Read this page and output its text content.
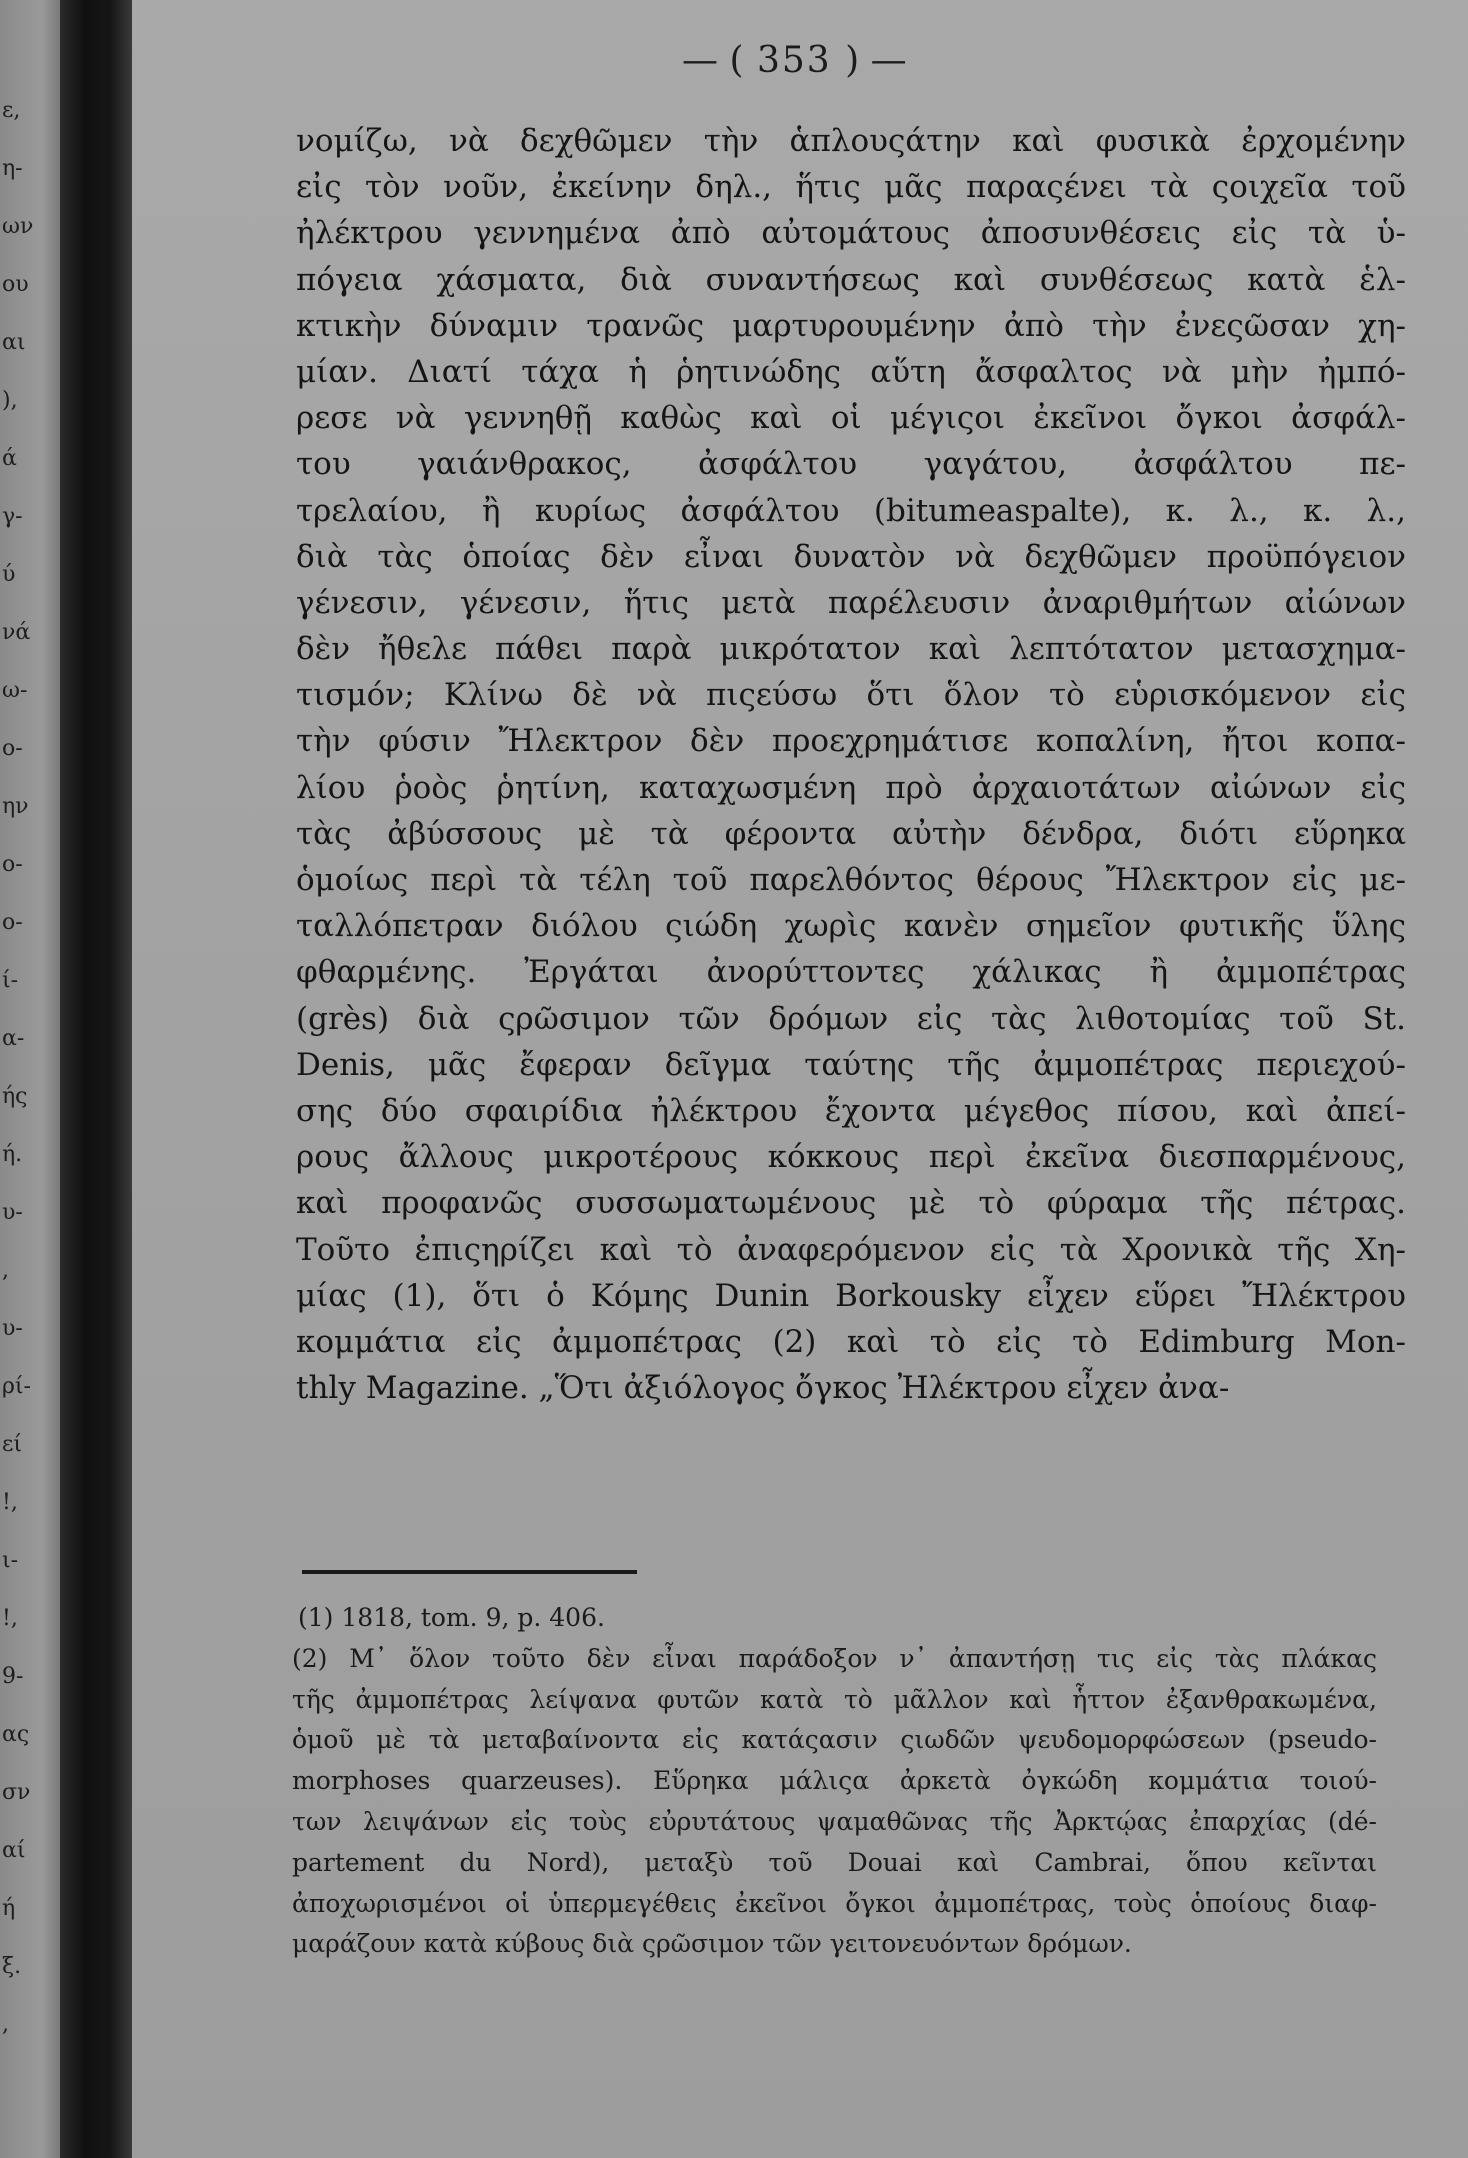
ε,
η-
ων
ου
αι
),
ά
γ-
ύ
νά
ω-
ο-
ην
ο-
ο-
ί-
α-
ής
ή.
υ-
,
υ-
ρί-
εί
!,
ι-
!,
9-
ας
σν
αί
ή
ξ.
,
— ( 353 ) —
νομίζω, νὰ δεχθῶμεν τὴν ἁπλουςάτην καὶ φυσικὰ ἐρχομένην
εἰς τὸν νοῦν, ἐκείνην δηλ., ἥτις μᾶς παραςένει τὰ ςοιχεῖα τοῦ
ἠλέκτρου γεννημένα ἀπὸ αὐτομάτους ἀποσυνθέσεις εἰς τὰ ὑ-
πόγεια χάσματα, διὰ συναντήσεως καὶ συνθέσεως κατὰ ἑλ-
κτικὴν δύναμιν τρανῶς μαρτυρουμένην ἀπὸ τὴν ἐνεςῶσαν χη-
μίαν. Διατί τάχα ἡ ῥητινώδης αὕτη ἄσφαλτος νὰ μὴν ἠμπό-
ρεσε νὰ γεννηθῇ καθὼς καὶ οἱ μέγιςοι ἐκεῖνοι ὄγκοι ἀσφάλ-
του γαιάνθρακος, ἀσφάλτου γαγάτου, ἀσφάλτου πε-
τρελαίου, ἢ κυρίως ἀσφάλτου (bitumeaspalte), κ. λ., κ. λ.,
διὰ τὰς ὁποίας δὲν εἶναι δυνατὸν νὰ δεχθῶμεν προϋπόγειον
γένεσιν, γένεσιν, ἥτις μετὰ παρέλευσιν ἀναριθμήτων αἰώνων
δὲν ἤθελε πάθει παρὰ μικρότατον καὶ λεπτότατον μετασχημα-
τισμόν; Κλίνω δὲ νὰ πιςεύσω ὅτι ὅλον τὸ εὑρισκόμενον εἰς
τὴν φύσιν Ἤλεκτρον δὲν προεχρημάτισε κοπαλίνη, ἤτοι κοπα-
λίου ῥοὸς ῥητίνη, καταχωσμένη πρὸ ἀρχαιοτάτων αἰώνων εἰς
τὰς ἀβύσσους μὲ τὰ φέροντα αὐτὴν δένδρα, διότι εὕρηκα
ὁμοίως περὶ τὰ τέλη τοῦ παρελθόντος θέρους Ἤλεκτρον εἰς με-
ταλλόπετραν διόλου ςιώδη χωρὶς κανὲν σημεῖον φυτικῆς ὕλης
φθαρμένης. Ἐργάται ἀνορύττοντες χάλικας ἢ ἀμμοπέτρας
(grès) διὰ ςρῶσιμον τῶν δρόμων εἰς τὰς λιθοτομίας τοῦ St.
Denis, μᾶς ἔφεραν δεῖγμα ταύτης τῆς ἀμμοπέτρας περιεχού-
σης δύο σφαιρίδια ἠλέκτρου ἔχοντα μέγεθος πίσου, καὶ ἀπεί-
ρους ἄλλους μικροτέρους κόκκους περὶ ἐκεῖνα διεσπαρμένους,
καὶ προφανῶς συσσωματωμένους μὲ τὸ φύραμα τῆς πέτρας.
Τοῦτο ἐπιςηρίζει καὶ τὸ ἀναφερόμενον εἰς τὰ Χρονικὰ τῆς Χη-
μίας (1), ὅτι ὁ Κόμης Dunin Borkousky εἶχεν εὕρει Ἤλέκτρου
κομμάτια εἰς ἀμμοπέτρας (2) καὶ τὸ εἰς τὸ Edimburg Mon-
thly Magazine. „Ὅτι ἀξιόλογος ὄγκος Ἠλέκτρου εἶχεν ἀνα-
(1) 1818, tom. 9, p. 406.
(2) Μ᾽ ὅλον τοῦτο δὲν εἶναι παράδοξον ν᾽ ἀπαντήσῃ τις εἰς τὰς πλάκας
τῆς ἀμμοπέτρας λείψανα φυτῶν κατὰ τὸ μᾶλλον καὶ ἧττον ἐξανθρακωμένα,
ὁμοῦ μὲ τὰ μεταβαίνοντα εἰς κατάςασιν ςιωδῶν ψευδομορφώσεων (pseudo-
morphoses quarzeuses). Εὕρηκα μάλιςα ἀρκετὰ ὀγκώδη κομμάτια τοιού-
των λειψάνων εἰς τοὺς εὐρυτάτους ψαμαθῶνας τῆς Ἀρκτῴας ἐπαρχίας (dé-
partement du Nord), μεταξὺ τοῦ Douai καὶ Cambrai, ὅπου κεῖνται
ἀποχωρισμένοι οἱ ὑπερμεγέθεις ἐκεῖνοι ὄγκοι ἀμμοπέτρας, τοὺς ὁποίους διαφ-
μαράζουν κατὰ κύβους διὰ ςρῶσιμον τῶν γειτονευόντων δρόμων.
